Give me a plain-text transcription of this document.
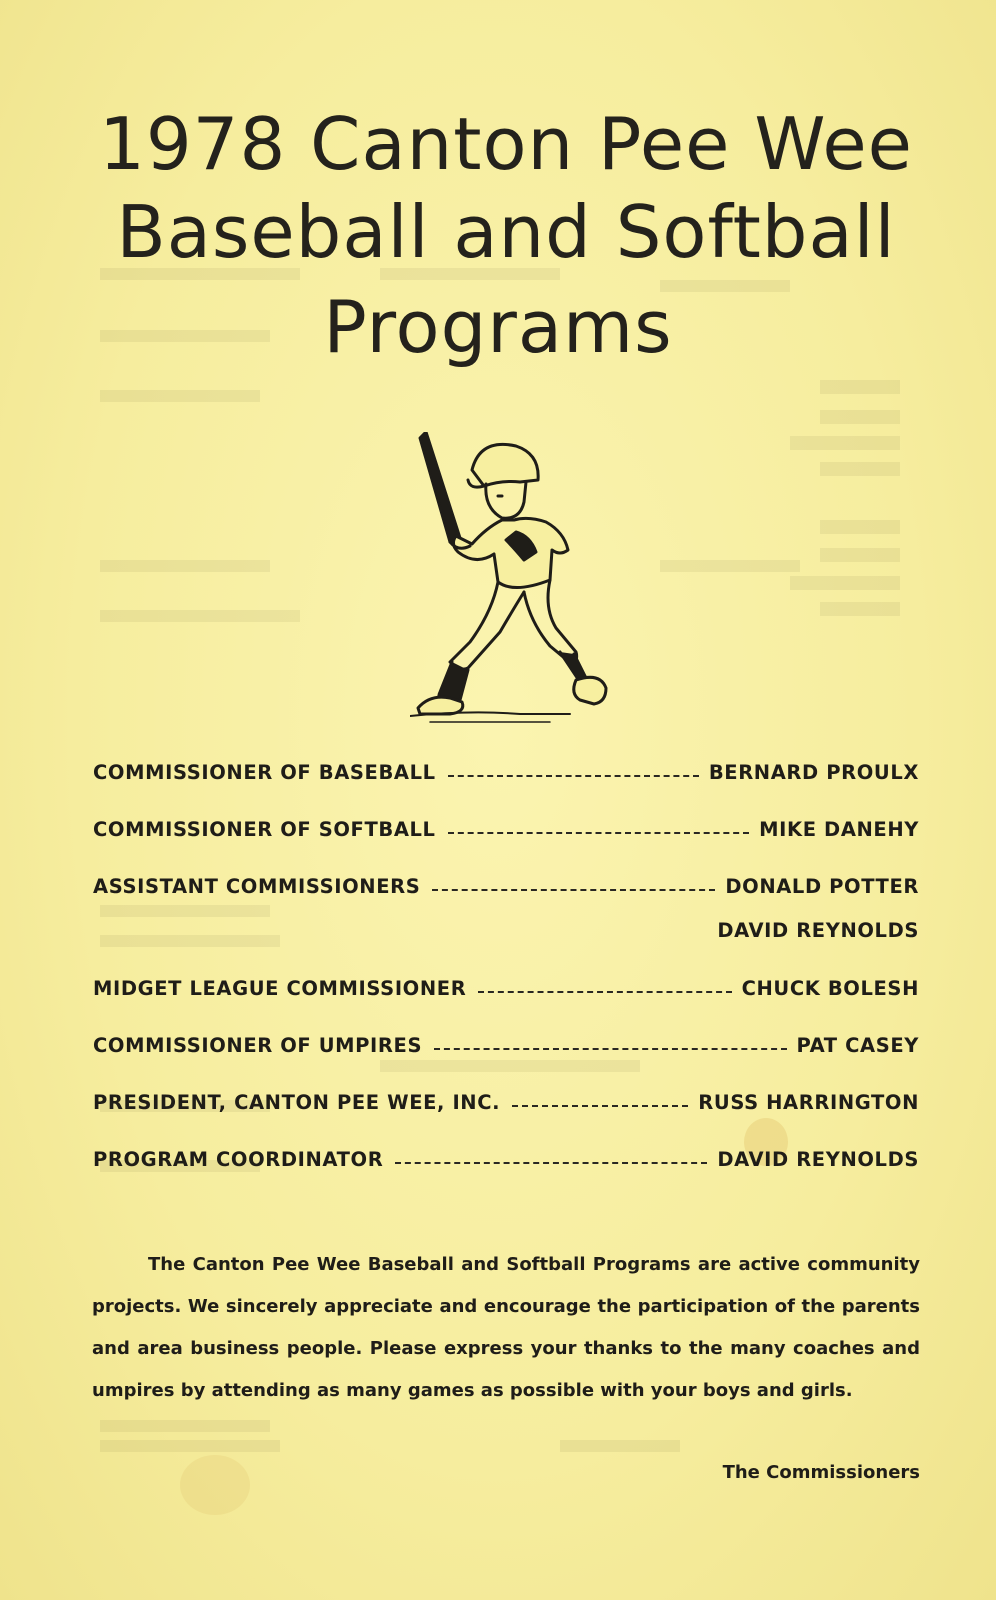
1978 Canton Pee Wee
Baseball and Softball
Programs
COMMISSIONER OF BASEBALL	BERNARD PROULX
COMMISSIONER OF SOFTBALL	MIKE DANEHY
ASSISTANT COMMISSIONERS	DONALD POTTER
DAVID REYNOLDS
MIDGET LEAGUE COMMISSIONER	CHUCK BOLESH
COMMISSIONER OF UMPIRES	PAT CASEY
PRESIDENT, CANTON PEE WEE, INC.	RUSS HARRINGTON
PROGRAM COORDINATOR	DAVID REYNOLDS

The Canton Pee Wee Baseball and Softball Programs are active community projects. We sincerely appreciate and encourage the participation of the parents and area business people. Please express your thanks to the many coaches and umpires by attending as many games as possible with your boys and girls.

The Commissioners
